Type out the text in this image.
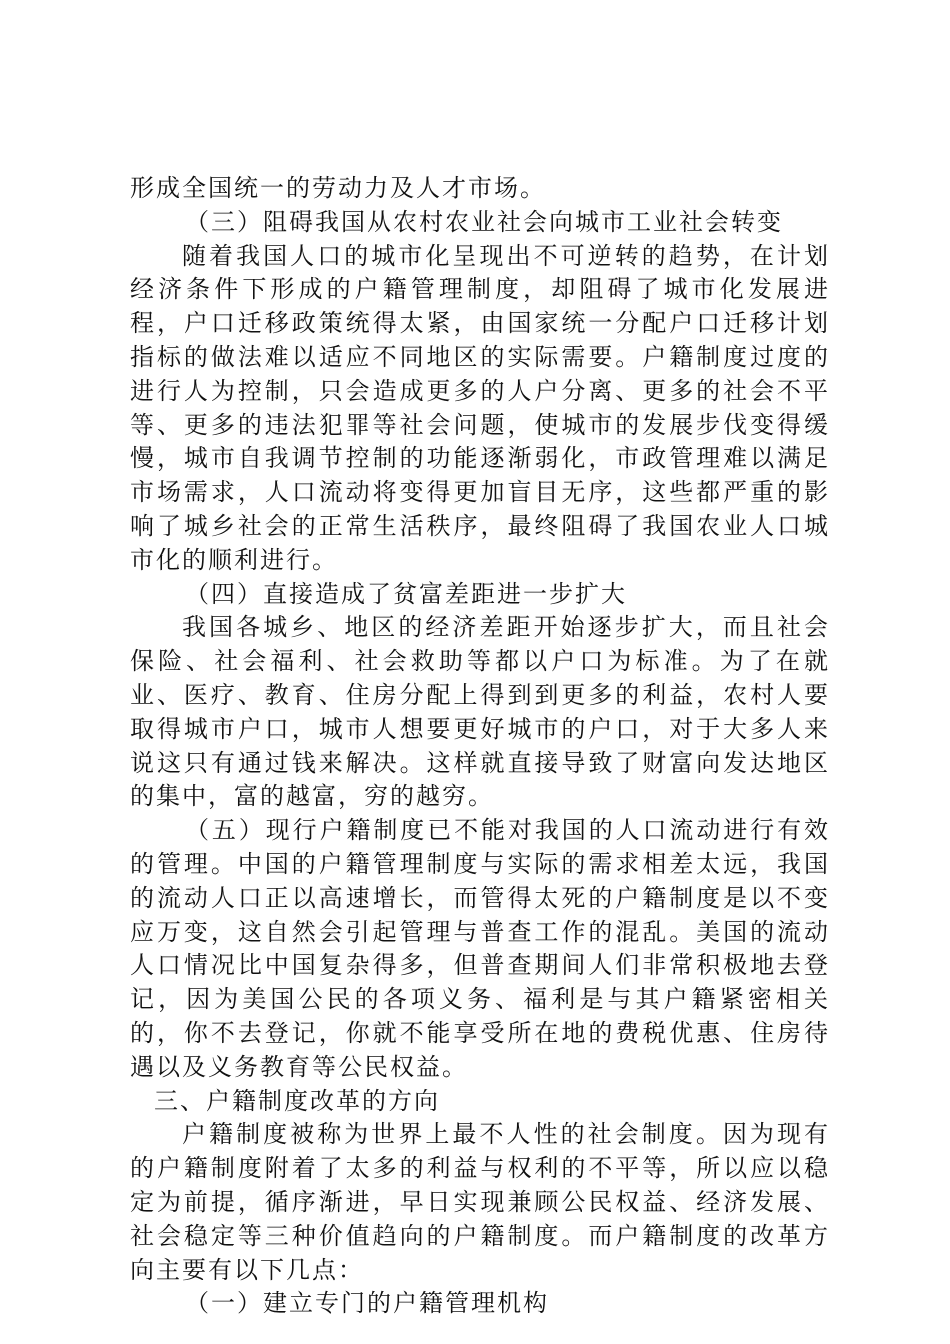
形成全国统一的劳动力及人才市场。

（三）阻碍我国从农村农业社会向城市工业社会转变

随着我国人口的城市化呈现出不可逆转的趋势，在计划经济条件下形成的户籍管理制度，却阻碍了城市化发展进程，户口迁移政策统得太紧，由国家统一分配户口迁移计划指标的做法难以适应不同地区的实际需要。户籍制度过度的进行人为控制，只会造成更多的人户分离、更多的社会不平等、更多的违法犯罪等社会问题，使城市的发展步伐变得缓慢，城市自我调节控制的功能逐渐弱化，市政管理难以满足市场需求，人口流动将变得更加盲目无序，这些都严重的影响了城乡社会的正常生活秩序，最终阻碍了我国农业人口城市化的顺利进行。

（四）直接造成了贫富差距进一步扩大

我国各城乡、地区的经济差距开始逐步扩大，而且社会保险、社会福利、社会救助等都以户口为标准。为了在就业、医疗、教育、住房分配上得到到更多的利益，农村人要取得城市户口，城市人想要更好城市的户口，对于大多人来说这只有通过钱来解决。这样就直接导致了财富向发达地区的集中，富的越富，穷的越穷。

（五）现行户籍制度已不能对我国的人口流动进行有效的管理。中国的户籍管理制度与实际的需求相差太远，我国的流动人口正以高速增长，而管得太死的户籍制度是以不变应万变，这自然会引起管理与普查工作的混乱。美国的流动人口情况比中国复杂得多，但普查期间人们非常积极地去登记，因为美国公民的各项义务、福利是与其户籍紧密相关的，你不去登记，你就不能享受所在地的费税优惠、住房待遇以及义务教育等公民权益。

三、户籍制度改革的方向

户籍制度被称为世界上最不人性的社会制度。因为现有的户籍制度附着了太多的利益与权利的不平等，所以应以稳定为前提，循序渐进，早日实现兼顾公民权益、经济发展、社会稳定等三种价值趋向的户籍制度。而户籍制度的改革方向主要有以下几点：

（一）建立专门的户籍管理机构
